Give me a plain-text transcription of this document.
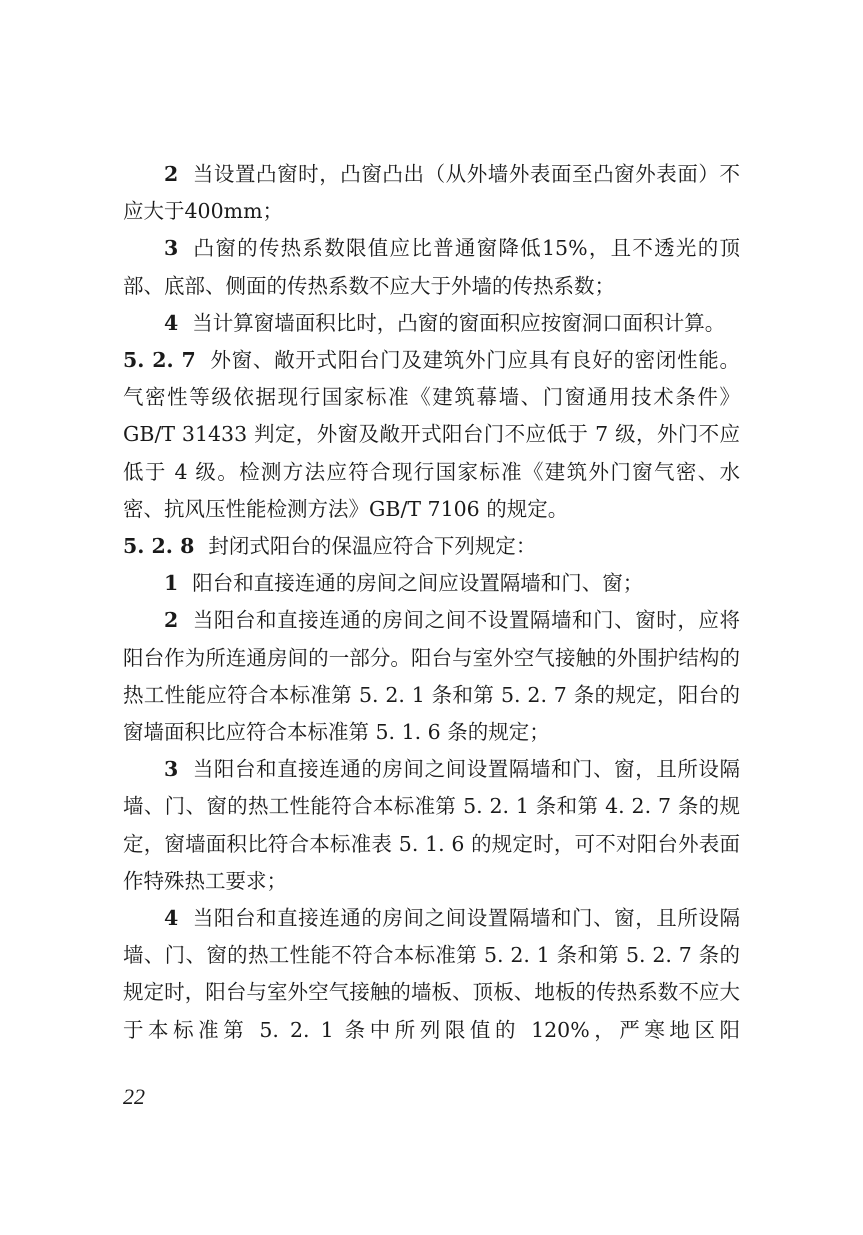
2 当设置凸窗时，凸窗凸出（从外墙外表面至凸窗外表面）不应大于400mm；

3 凸窗的传热系数限值应比普通窗降低15%，且不透光的顶部、底部、侧面的传热系数不应大于外墙的传热系数；

4 当计算窗墙面积比时，凸窗的窗面积应按窗洞口面积计算。

5. 2. 7 外窗、敞开式阳台门及建筑外门应具有良好的密闭性能。气密性等级依据现行国家标准《建筑幕墙、门窗通用技术条件》GB/T 31433 判定，外窗及敞开式阳台门不应低于 7 级，外门不应低于 4 级。检测方法应符合现行国家标准《建筑外门窗气密、水密、抗风压性能检测方法》GB/T 7106 的规定。

5. 2. 8 封闭式阳台的保温应符合下列规定：

1 阳台和直接连通的房间之间应设置隔墙和门、窗；

2 当阳台和直接连通的房间之间不设置隔墙和门、窗时，应将阳台作为所连通房间的一部分。阳台与室外空气接触的外围护结构的热工性能应符合本标准第 5. 2. 1 条和第 5. 2. 7 条的规定，阳台的窗墙面积比应符合本标准第 5. 1. 6 条的规定；

3 当阳台和直接连通的房间之间设置隔墙和门、窗，且所设隔墙、门、窗的热工性能符合本标准第 5. 2. 1 条和第 4. 2. 7 条的规定，窗墙面积比符合本标准表 5. 1. 6 的规定时，可不对阳台外表面作特殊热工要求；

4 当阳台和直接连通的房间之间设置隔墙和门、窗，且所设隔墙、门、窗的热工性能不符合本标准第 5. 2. 1 条和第 5. 2. 7 条的规定时，阳台与室外空气接触的墙板、顶板、地板的传热系数不应大于本标准第 5. 2. 1 条中所列限值的 120%，严寒地区阳

22
